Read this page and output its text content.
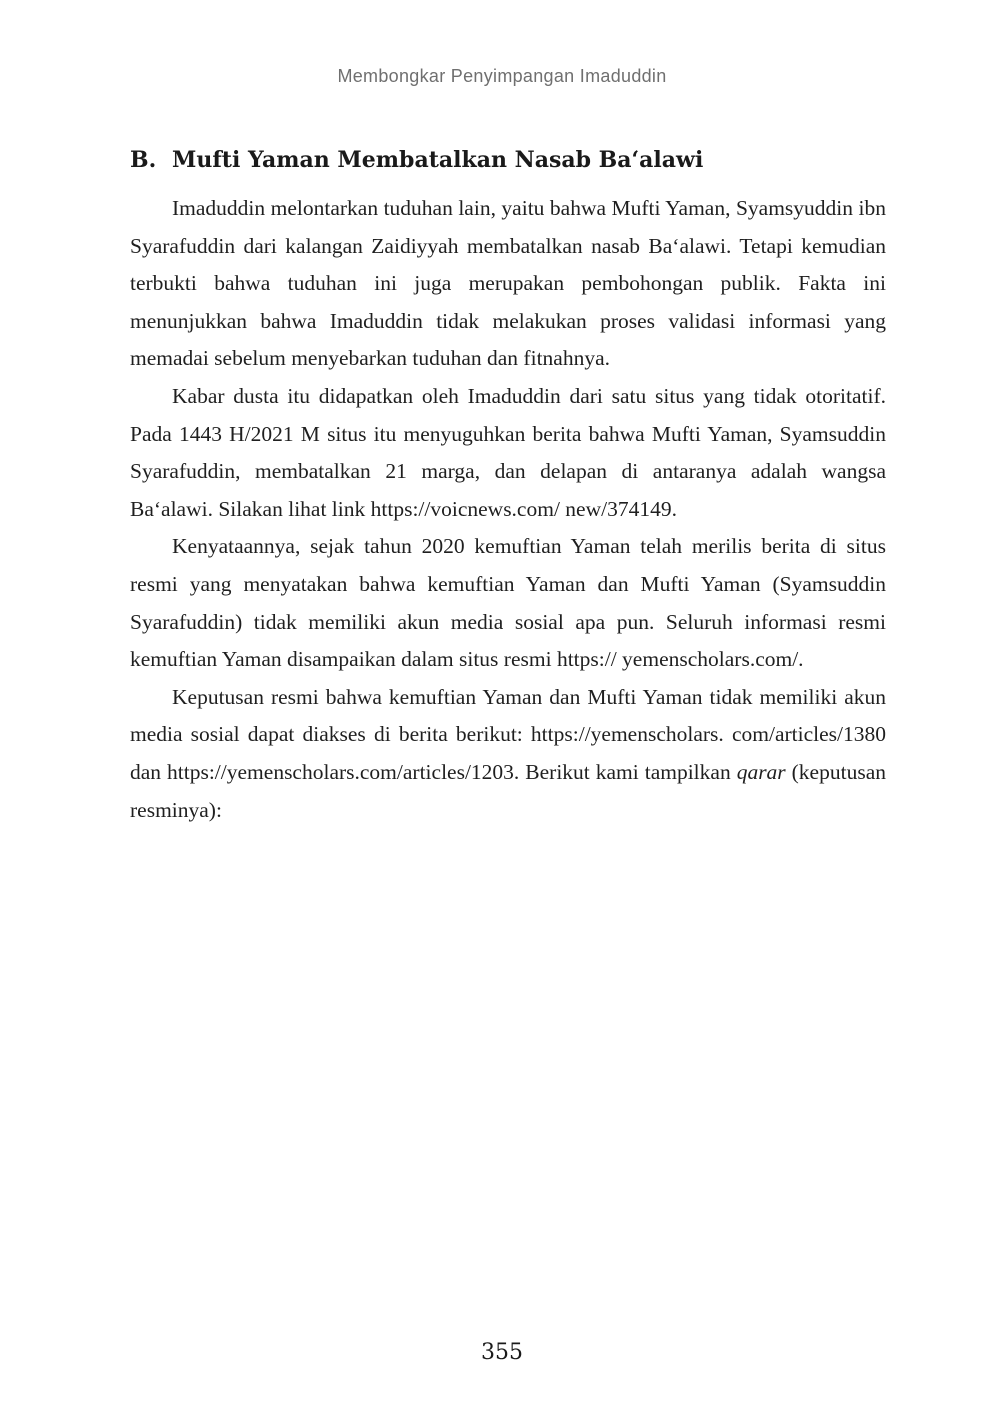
Membongkar Penyimpangan Imaduddin
B. Mufti Yaman Membatalkan Nasab Ba‘alawi

Imaduddin melontarkan tuduhan lain, yaitu bahwa Mufti Yaman, Syamsyuddin ibn Syarafuddin dari kalangan Zaidiyyah membatalkan nasab Ba‘alawi. Tetapi kemudian terbukti bahwa tuduhan ini juga merupakan pembohongan publik. Fakta ini menunjukkan bahwa Imaduddin tidak melakukan proses validasi informasi yang memadai sebelum menyebarkan tuduhan dan fitnahnya.

Kabar dusta itu didapatkan oleh Imaduddin dari satu situs yang tidak otoritatif. Pada 1443 H/2021 M situs itu menyuguhkan berita bahwa Mufti Yaman, Syamsuddin Syarafuddin, membatalkan 21 marga, dan delapan di antaranya adalah wangsa Ba‘alawi. Silakan lihat link https://voicnews.com/ new/374149.

Kenyataannya, sejak tahun 2020 kemuftian Yaman telah merilis berita di situs resmi yang menyatakan bahwa kemuftian Yaman dan Mufti Yaman (Syamsuddin Syarafuddin) tidak memiliki akun media sosial apa pun. Seluruh informasi resmi kemuftian Yaman disampaikan dalam situs resmi https:// yemenscholars.com/.

Keputusan resmi bahwa kemuftian Yaman dan Mufti Yaman tidak memiliki akun media sosial dapat diakses di berita berikut: https://yemenscholars. com/articles/1380 dan https://yemenscholars.com/articles/1203. Berikut kami tampilkan qarar (keputusan resminya):

355
